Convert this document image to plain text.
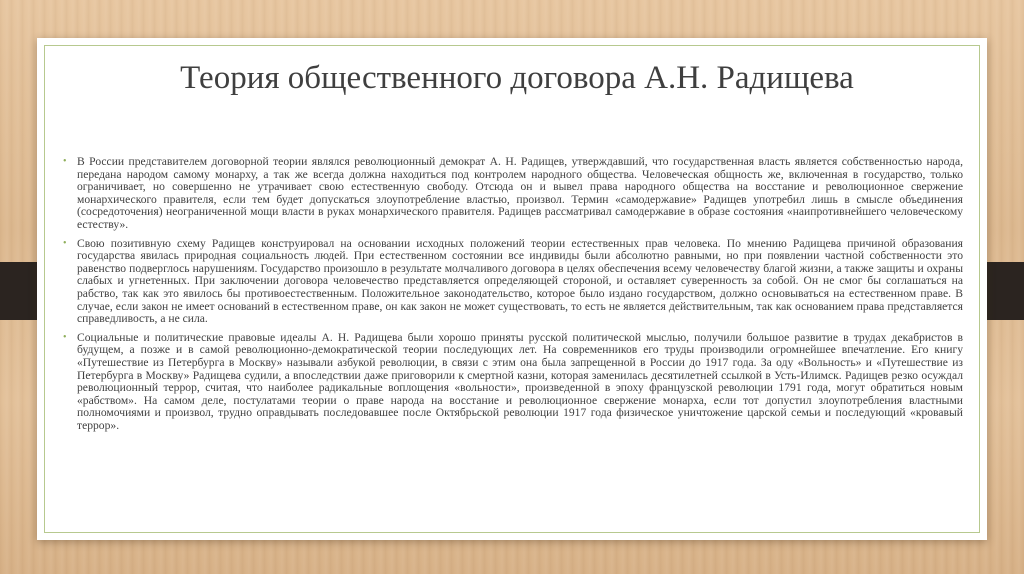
Теория общественного договора А.Н. Радищева
• В России представителем договорной теории являлся революционный демократ А. Н. Радищев, утверждавший, что государственная власть является собственностью народа, передана народом самому монарху, а так же всегда должна находиться под контролем народного общества. Человеческая общность же, включенная в государство, только ограничивает, но совершенно не утрачивает свою естественную свободу. Отсюда он и вывел права народного общества на восстание и революционное свержение монархического правителя, если тем будет допускаться злоупотребление властью, произвол. Термин «самодержавие» Радищев употребил лишь в смысле объединения (сосредоточения) неограниченной мощи власти в руках монархического правителя. Радищев рассматривал самодержавие в образе состояния «наипротивнейшего человеческому естеству».
• Свою позитивную схему Радищев конструировал на основании исходных положений теории естественных прав человека. По мнению Радищева причиной образования государства явилась природная социальность людей. При естественном состоянии все индивиды были абсолютно равными, но при появлении частной собственности это равенство подверглось нарушениям. Государство произошло в результате молчаливого договора в целях обеспечения всему человечеству благой жизни, а также защиты и охраны слабых и угнетенных. При заключении договора человечество представляется определяющей стороной, и оставляет суверенность за собой. Он не смог бы соглашаться на рабство, так как это явилось бы противоестественным. Положительное законодательство, которое было издано государством, должно основываться на естественном праве. В случае, если закон не имеет оснований в естественном праве, он как закон не может существовать, то есть не является действительным, так как основанием права представляется справедливость, а не сила.
• Социальные и политические правовые идеалы А. Н. Радищева были хорошо приняты русской политической мыслью, получили большое развитие в трудах декабристов в будущем, а позже и в самой революционно-демократической теории последующих лет. На современников его труды производили огромнейшее впечатление. Его книгу «Путешествие из Петербурга в Москву» называли азбукой революции, в связи с этим она была запрещенной в России до 1917 года. За оду «Вольность» и «Путешествие из Петербурга в Москву» Радищева судили, а впоследствии даже приговорили к смертной казни, которая заменилась десятилетней ссылкой в Усть-Илимск. Радищев резко осуждал революционный террор, считая, что наиболее радикальные воплощения «вольности», произведенной в эпоху французской революции 1791 года, могут обратиться новым «рабством». На самом деле, постулатами теории о праве народа на восстание и революционное свержение монарха, если тот допустил злоупотребления властными полномочиями и произвол, трудно оправдывать последовавшее после Октябрьской революции 1917 года физическое уничтожение царской семьи и последующий «кровавый террор».
